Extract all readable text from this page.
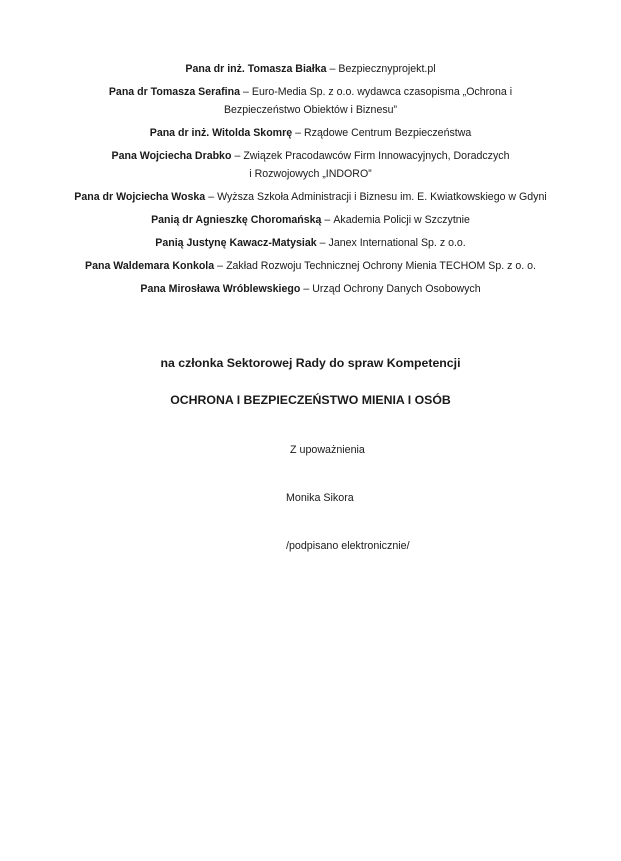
Pana dr inż. Tomasza Białka – Bezpiecznyprojekt.pl

Pana dr Tomasza Serafina – Euro-Media Sp. z o.o. wydawca czasopisma „Ochrona i
Bezpieczeństwo Obiektów i Biznesu”

Pana dr inż. Witolda Skomrę – Rządowe Centrum Bezpieczeństwa

Pana Wojciecha Drabko – Związek Pracodawców Firm Innowacyjnych, Doradczych
i Rozwojowych „INDORO”

Pana dr Wojciecha Woska – Wyższa Szkoła Administracji i Biznesu im. E. Kwiatkowskiego w Gdyni

Panią dr Agnieszkę Choromańską – Akademia Policji w Szczytnie

Panią Justynę Kawacz-Matysiak – Janex International Sp. z o.o.

Pana Waldemara Konkola – Zakład Rozwoju Technicznej Ochrony Mienia TECHOM Sp. z o. o.

Pana Mirosława Wróblewskiego – Urząd Ochrony Danych Osobowych

na członka Sektorowej Rady do spraw Kompetencji

OCHRONA I BEZPIECZEŃSTWO MIENIA I OSÓB

Z upoważnienia

Monika Sikora

/podpisano elektronicznie/
